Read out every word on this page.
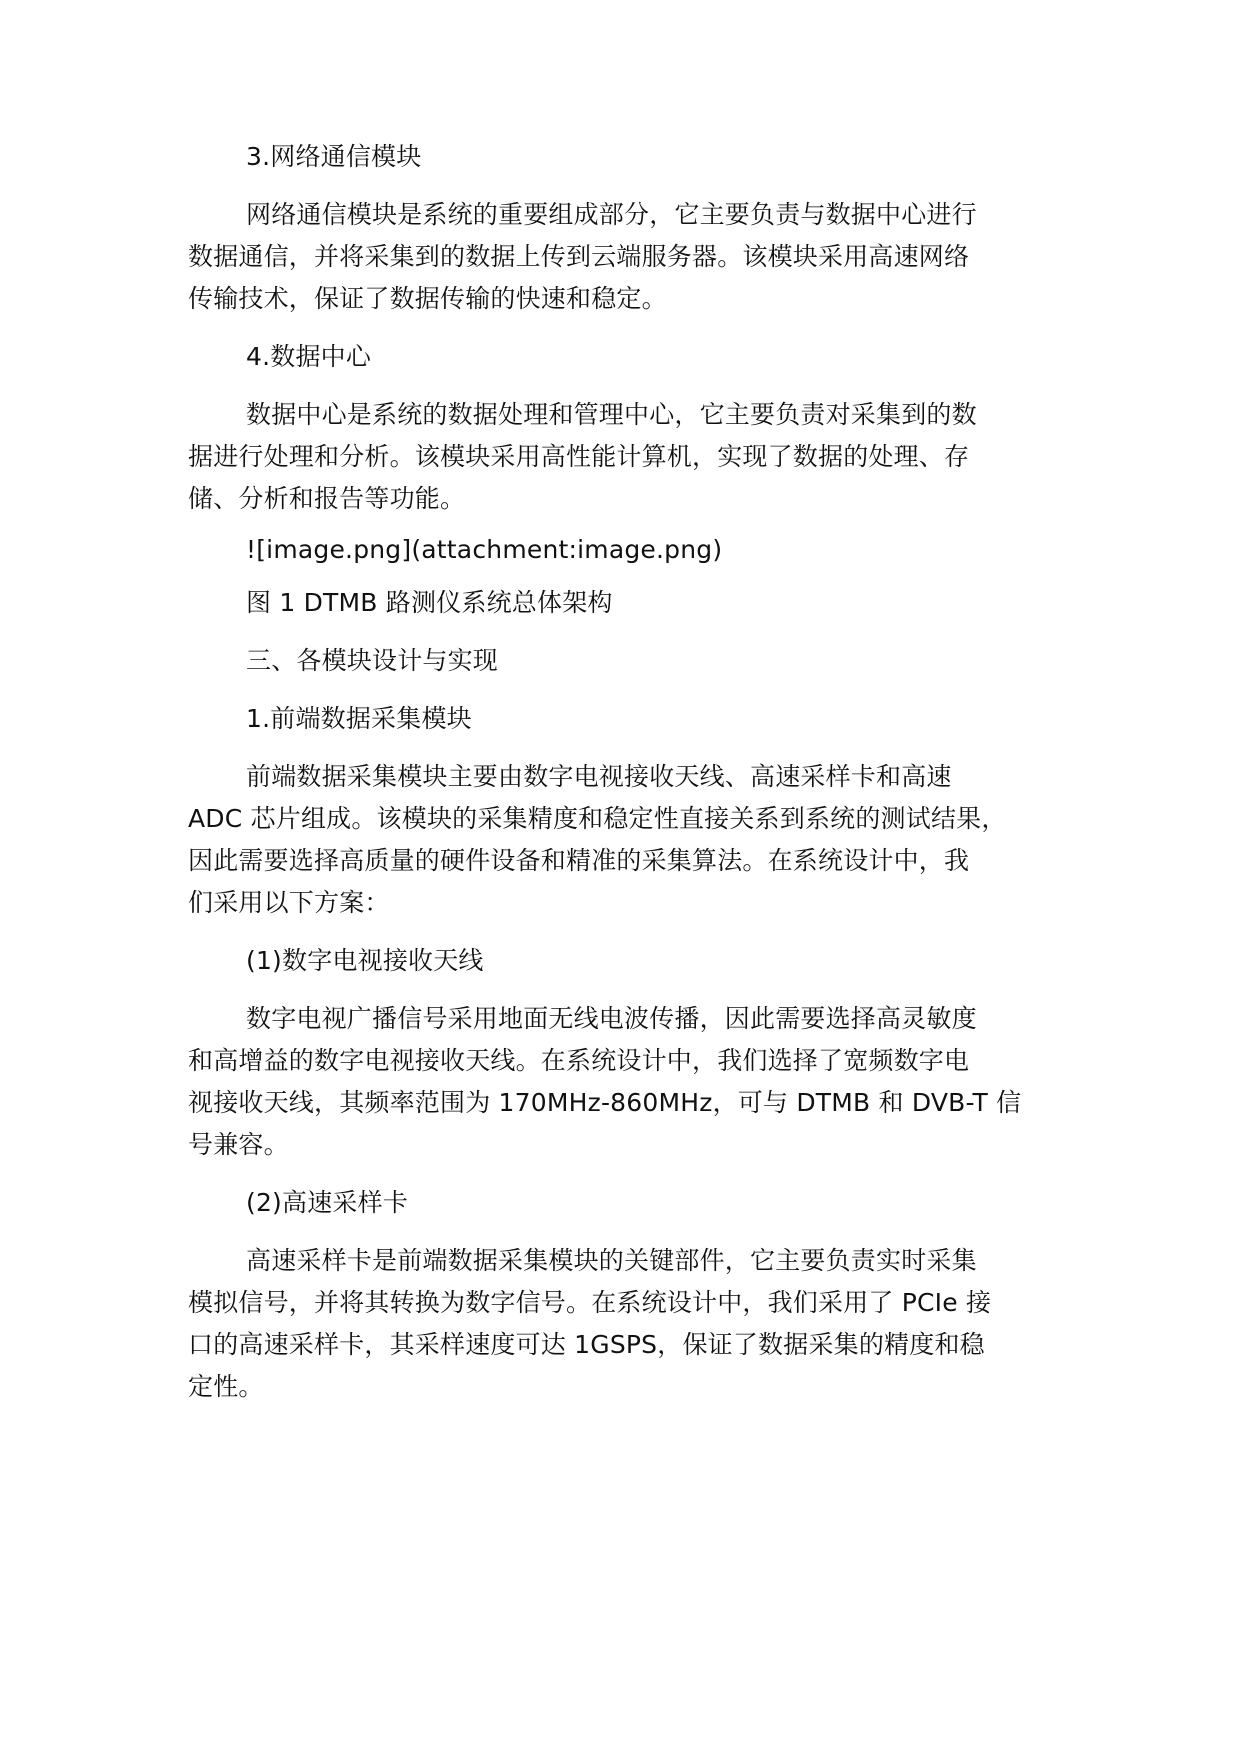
3.网络通信模块
网络通信模块是系统的重要组成部分，它主要负责与数据中心进行
数据通信，并将采集到的数据上传到云端服务器。该模块采用高速网络
传输技术，保证了数据传输的快速和稳定。
4.数据中心
数据中心是系统的数据处理和管理中心，它主要负责对采集到的数
据进行处理和分析。该模块采用高性能计算机，实现了数据的处理、存
储、分析和报告等功能。
![image.png](attachment:image.png)
图 1 DTMB 路测仪系统总体架构
三、各模块设计与实现
1.前端数据采集模块
前端数据采集模块主要由数字电视接收天线、高速采样卡和高速
ADC 芯片组成。该模块的采集精度和稳定性直接关系到系统的测试结果，
因此需要选择高质量的硬件设备和精准的采集算法。在系统设计中，我
们采用以下方案：
(1)数字电视接收天线
数字电视广播信号采用地面无线电波传播，因此需要选择高灵敏度
和高增益的数字电视接收天线。在系统设计中，我们选择了宽频数字电
视接收天线，其频率范围为 170MHz-860MHz，可与 DTMB 和 DVB-T 信
号兼容。
(2)高速采样卡
高速采样卡是前端数据采集模块的关键部件，它主要负责实时采集
模拟信号，并将其转换为数字信号。在系统设计中，我们采用了 PCIe 接
口的高速采样卡，其采样速度可达 1GSPS，保证了数据采集的精度和稳
定性。
